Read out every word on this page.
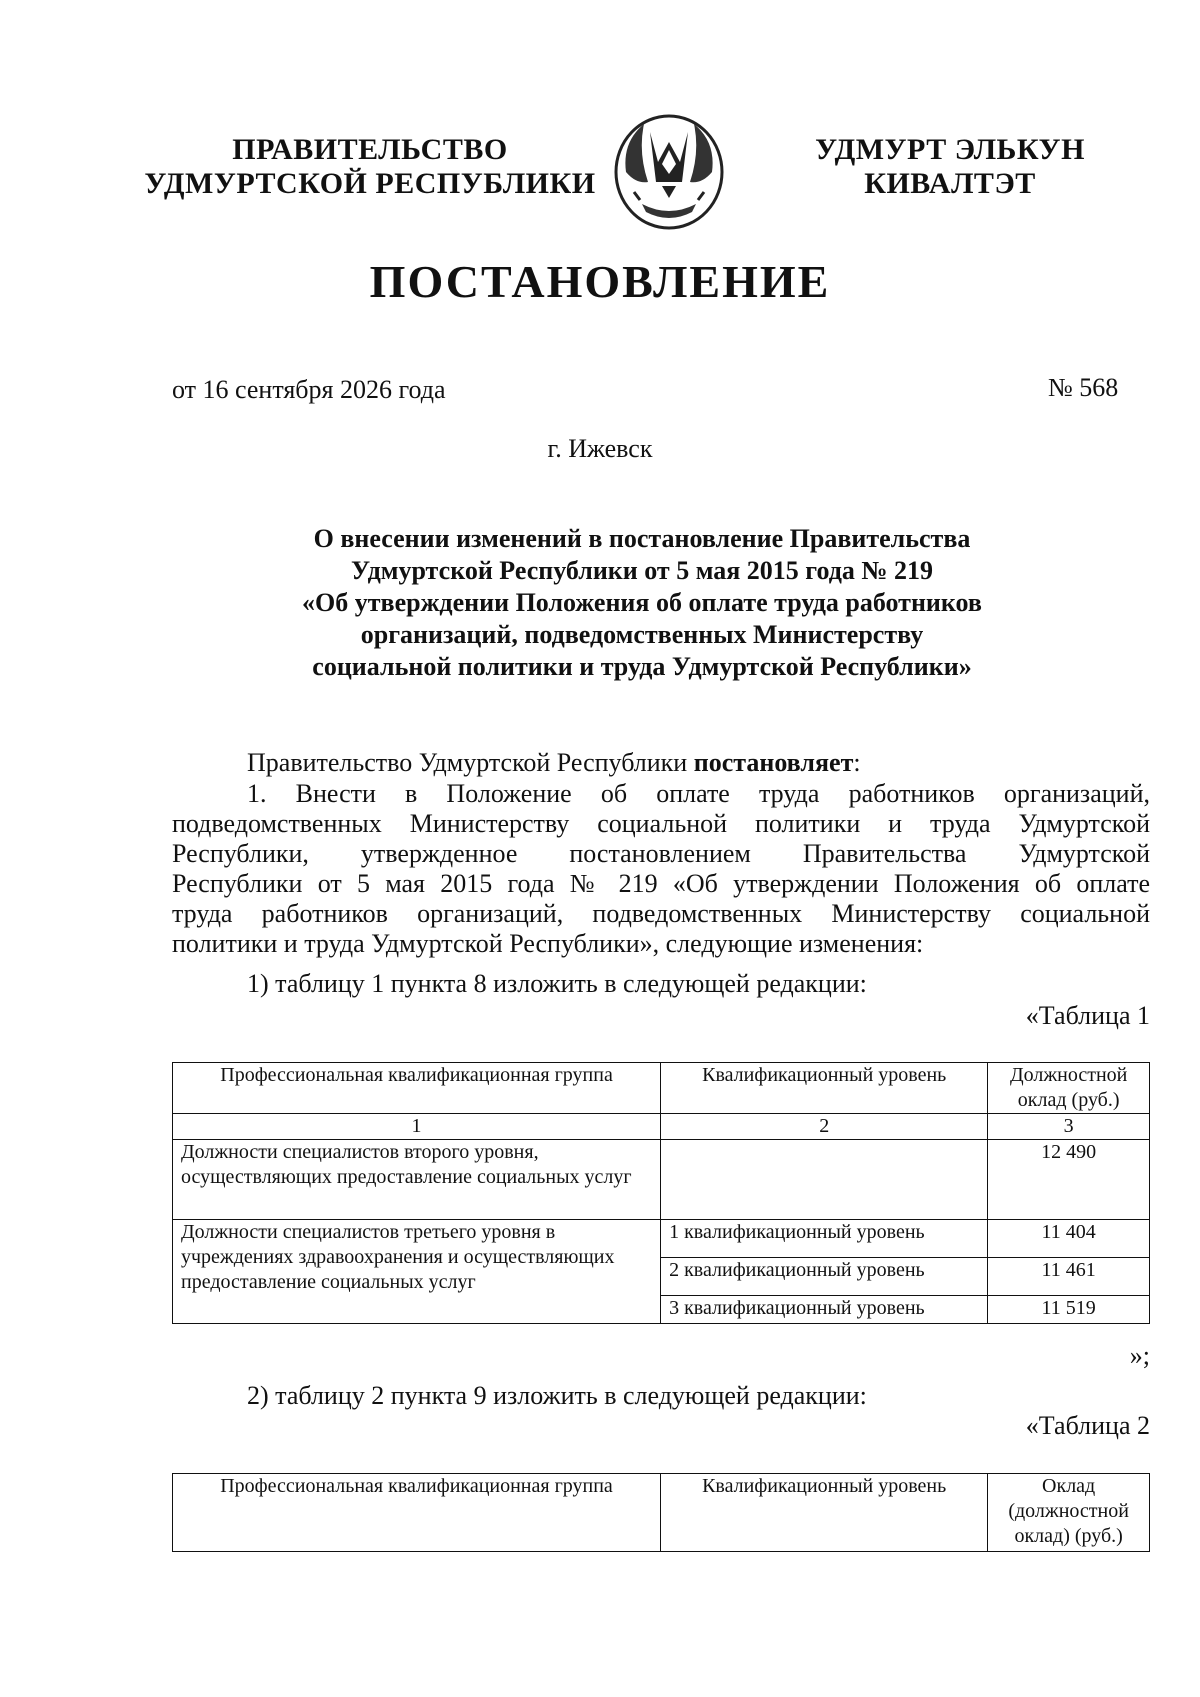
ПРАВИТЕЛЬСТВО
УДМУРТСКОЙ РЕСПУБЛИКИ
УДМУРТ ЭЛЬКУН
КИВАЛТЭТ
ПОСТАНОВЛЕНИЕ
от 16 сентября 2026 года	№ 568
г. Ижевск
О внесении изменений в постановление Правительства
Удмуртской Республики от 5 мая 2015 года № 219
«Об утверждении Положения об оплате труда работников
организаций, подведомственных Министерству
социальной политики и труда Удмуртской Республики»
Правительство Удмуртской Республики постановляет:
1. Внести в Положение об оплате труда работников организаций,
подведомственных Министерству социальной политики и труда Удмуртской
Республики, утвержденное постановлением Правительства Удмуртской
Республики от 5 мая 2015 года № 219 «Об утверждении Положения об оплате
труда работников организаций, подведомственных Министерству социальной
политики и труда Удмуртской Республики», следующие изменения:
1) таблицу 1 пункта 8 изложить в следующей редакции:
«Таблица 1
Профессиональная квалификационная группа	Квалификационный уровень	Должностной оклад (руб.)
1	2	3
Должности специалистов второго уровня, осуществляющих предоставление социальных услуг		12 490
Должности специалистов третьего уровня в учреждениях здравоохранения и осуществляющих предоставление социальных услуг	1 квалификационный уровень	11 404
	2 квалификационный уровень	11 461
	3 квалификационный уровень	11 519
»;
2) таблицу 2 пункта 9 изложить в следующей редакции:
«Таблица 2
Профессиональная квалификационная группа	Квалификационный уровень	Оклад (должностной оклад) (руб.)
